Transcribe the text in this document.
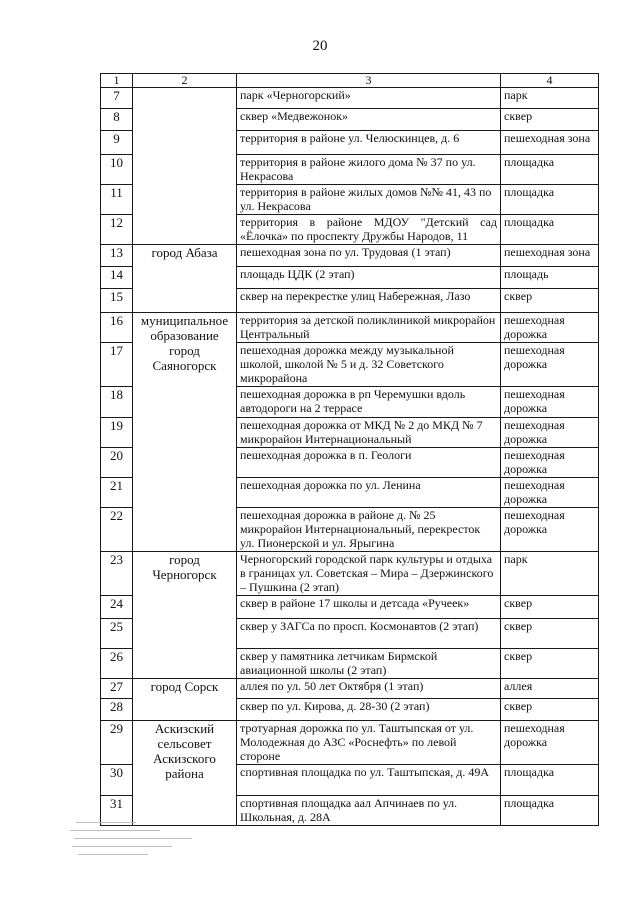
20
1	2	3	4
7		парк «Черногорский»	парк
8		сквер «Медвежонок»	сквер
9		территория в районе ул. Челюскинцев, д. 6	пешеходная зона
10		территория в районе жилого дома № 37 по ул. Некрасова	площадка
11		территория в районе жилых домов №№ 41, 43 по ул. Некрасова	площадка
12		территория в районе МДОУ "Детский сад «Ёлочка» по проспекту Дружбы Народов, 11	площадка
13	город Абаза	пешеходная зона по ул. Трудовая (1 этап)	пешеходная зона
14		площадь ЦДК (2 этап)	площадь
15		сквер на перекрестке улиц Набережная, Лазо	сквер
16	муниципальное образование город Саяногорск	территория за детской поликлиникой микрорайон Центральный	пешеходная дорожка
17		пешеходная дорожка между музыкальной школой, школой № 5 и д. 32 Советского микрорайона	пешеходная дорожка
18		пешеходная дорожка в рп Черемушки вдоль автодороги на 2 террасе	пешеходная дорожка
19		пешеходная дорожка от МКД № 2 до МКД № 7 микрорайон Интернациональный	пешеходная дорожка
20		пешеходная дорожка в п. Геологи	пешеходная дорожка
21		пешеходная дорожка по ул. Ленина	пешеходная дорожка
22		пешеходная дорожка в районе д. № 25 микрорайон Интернациональный, перекресток ул. Пионерской и ул. Ярыгина	пешеходная дорожка
23	город Черногорск	Черногорский городской парк культуры и отдыха в границах ул. Советская – Мира – Дзержинского – Пушкина (2 этап)	парк
24		сквер в районе 17 школы и детсада «Ручеек»	сквер
25		сквер у ЗАГСа по просп. Космонавтов (2 этап)	сквер
26		сквер у памятника летчикам Бирмской авиационной школы (2 этап)	сквер
27	город Сорск	аллея по ул. 50 лет Октября (1 этап)	аллея
28		сквер по ул. Кирова, д. 28-30 (2 этап)	сквер
29	Аскизский сельсовет Аскизского района	тротуарная дорожка по ул. Таштыпская от ул. Молодежная до АЗС «Роснефть» по левой стороне	пешеходная дорожка
30		спортивная площадка по ул. Таштыпская, д. 49А	площадка
31		спортивная площадка аал Апчинаев по ул. Школьная, д. 28А	площадка
